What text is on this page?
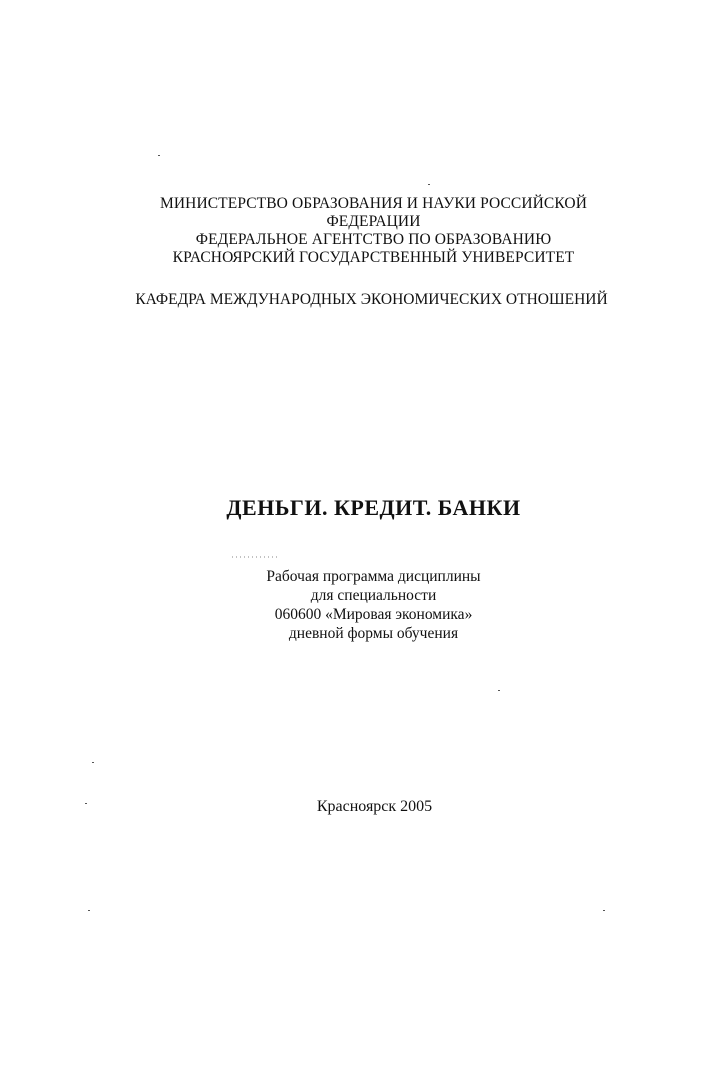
МИНИСТЕРСТВО ОБРАЗОВАНИЯ И НАУКИ РОССИЙСКОЙ
ФЕДЕРАЦИИ
ФЕДЕРАЛЬНОЕ АГЕНТСТВО ПО ОБРАЗОВАНИЮ
КРАСНОЯРСКИЙ ГОСУДАРСТВЕННЫЙ УНИВЕРСИТЕТ
КАФЕДРА МЕЖДУНАРОДНЫХ ЭКОНОМИЧЕСКИХ ОТНОШЕНИЙ
ДЕНЬГИ. КРЕДИТ. БАНКИ
Рабочая программа дисциплины
для специальности
060600 «Мировая экономика»
дневной формы обучения
Красноярск 2005
